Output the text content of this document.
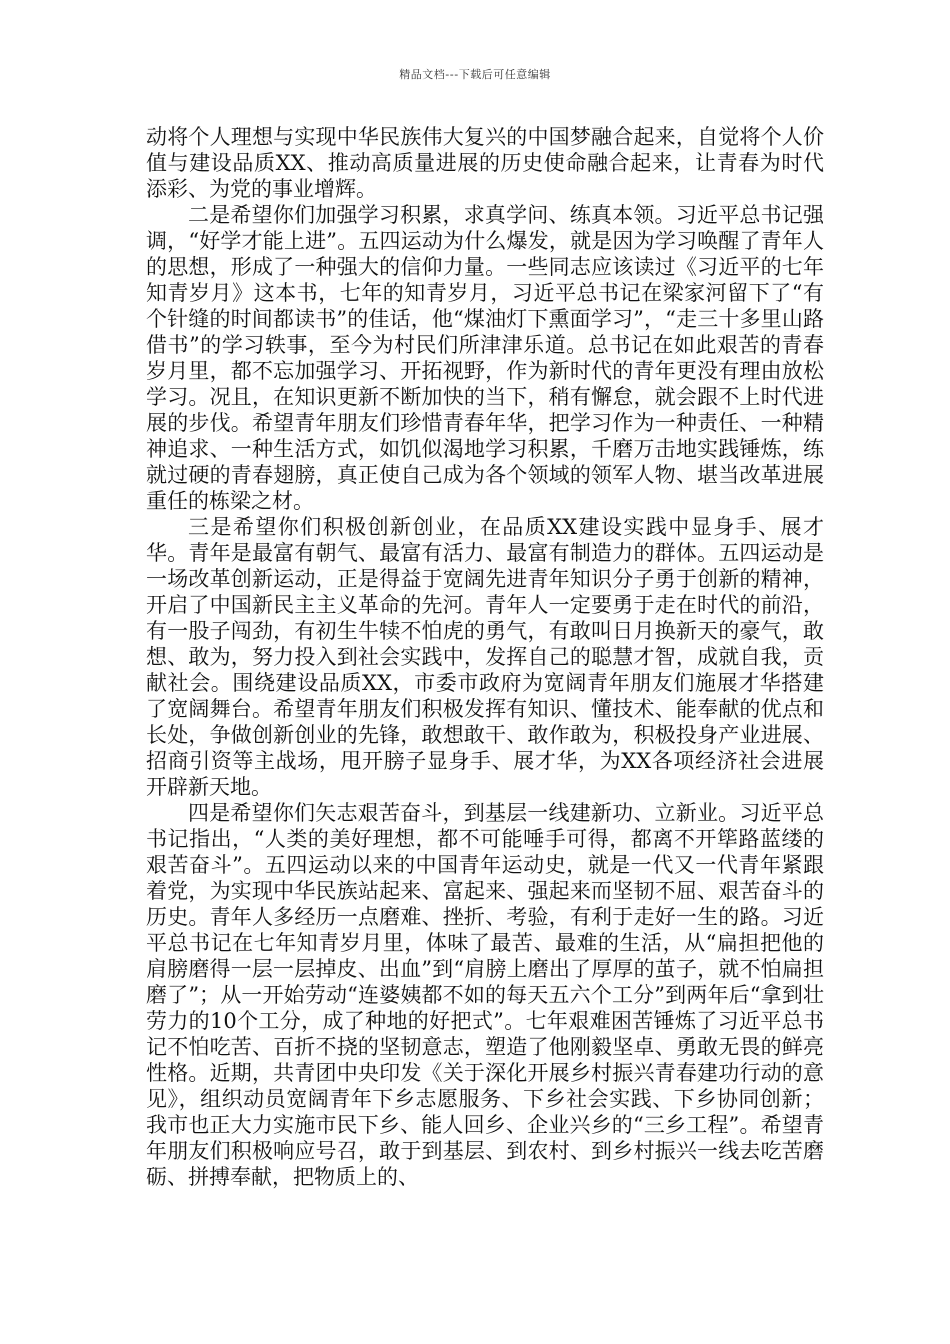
精品文档---下载后可任意编辑

动将个人理想与实现中华民族伟大复兴的中国梦融合起来，自觉将个人价值与建设品质XX、推动高质量进展的历史使命融合起来，让青春为时代添彩、为党的事业增辉。

二是希望你们加强学习积累，求真学问、练真本领。习近平总书记强调，“好学才能上进”。五四运动为什么爆发，就是因为学习唤醒了青年人的思想，形成了一种强大的信仰力量。一些同志应该读过《习近平的七年知青岁月》这本书，七年的知青岁月，习近平总书记在梁家河留下了“有个针缝的时间都读书”的佳话，他“煤油灯下熏面学习”，“走三十多里山路借书”的学习轶事，至今为村民们所津津乐道。总书记在如此艰苦的青春岁月里，都不忘加强学习、开拓视野，作为新时代的青年更没有理由放松学习。况且，在知识更新不断加快的当下，稍有懈怠，就会跟不上时代进展的步伐。希望青年朋友们珍惜青春年华，把学习作为一种责任、一种精神追求、一种生活方式，如饥似渴地学习积累，千磨万击地实践锤炼，练就过硬的青春翅膀，真正使自己成为各个领域的领军人物、堪当改革进展重任的栋梁之材。

三是希望你们积极创新创业，在品质XX建设实践中显身手、展才华。青年是最富有朝气、最富有活力、最富有制造力的群体。五四运动是一场改革创新运动，正是得益于宽阔先进青年知识分子勇于创新的精神，开启了中国新民主主义革命的先河。青年人一定要勇于走在时代的前沿，有一股子闯劲，有初生牛犊不怕虎的勇气，有敢叫日月换新天的豪气，敢想、敢为，努力投入到社会实践中，发挥自己的聪慧才智，成就自我，贡献社会。围绕建设品质XX，市委市政府为宽阔青年朋友们施展才华搭建了宽阔舞台。希望青年朋友们积极发挥有知识、懂技术、能奉献的优点和长处，争做创新创业的先锋，敢想敢干、敢作敢为，积极投身产业进展、招商引资等主战场，甩开膀子显身手、展才华，为XX各项经济社会进展开辟新天地。

四是希望你们矢志艰苦奋斗，到基层一线建新功、立新业。习近平总书记指出，“人类的美好理想，都不可能唾手可得，都离不开筚路蓝缕的艰苦奋斗”。五四运动以来的中国青年运动史，就是一代又一代青年紧跟着党，为实现中华民族站起来、富起来、强起来而坚韧不屈、艰苦奋斗的历史。青年人多经历一点磨难、挫折、考验，有利于走好一生的路。习近平总书记在七年知青岁月里，体味了最苦、最难的生活，从“扁担把他的肩膀磨得一层一层掉皮、出血”到“肩膀上磨出了厚厚的茧子，就不怕扁担磨了”；从一开始劳动“连婆姨都不如的每天五六个工分”到两年后“拿到壮劳力的10个工分，成了种地的好把式”。七年艰难困苦锤炼了习近平总书记不怕吃苦、百折不挠的坚韧意志，塑造了他刚毅坚卓、勇敢无畏的鲜亮性格。近期，共青团中央印发《关于深化开展乡村振兴青春建功行动的意见》，组织动员宽阔青年下乡志愿服务、下乡社会实践、下乡协同创新；我市也正大力实施市民下乡、能人回乡、企业兴乡的“三乡工程”。希望青年朋友们积极响应号召，敢于到基层、到农村、到乡村振兴一线去吃苦磨砺、拼搏奉献，把物质上的、
